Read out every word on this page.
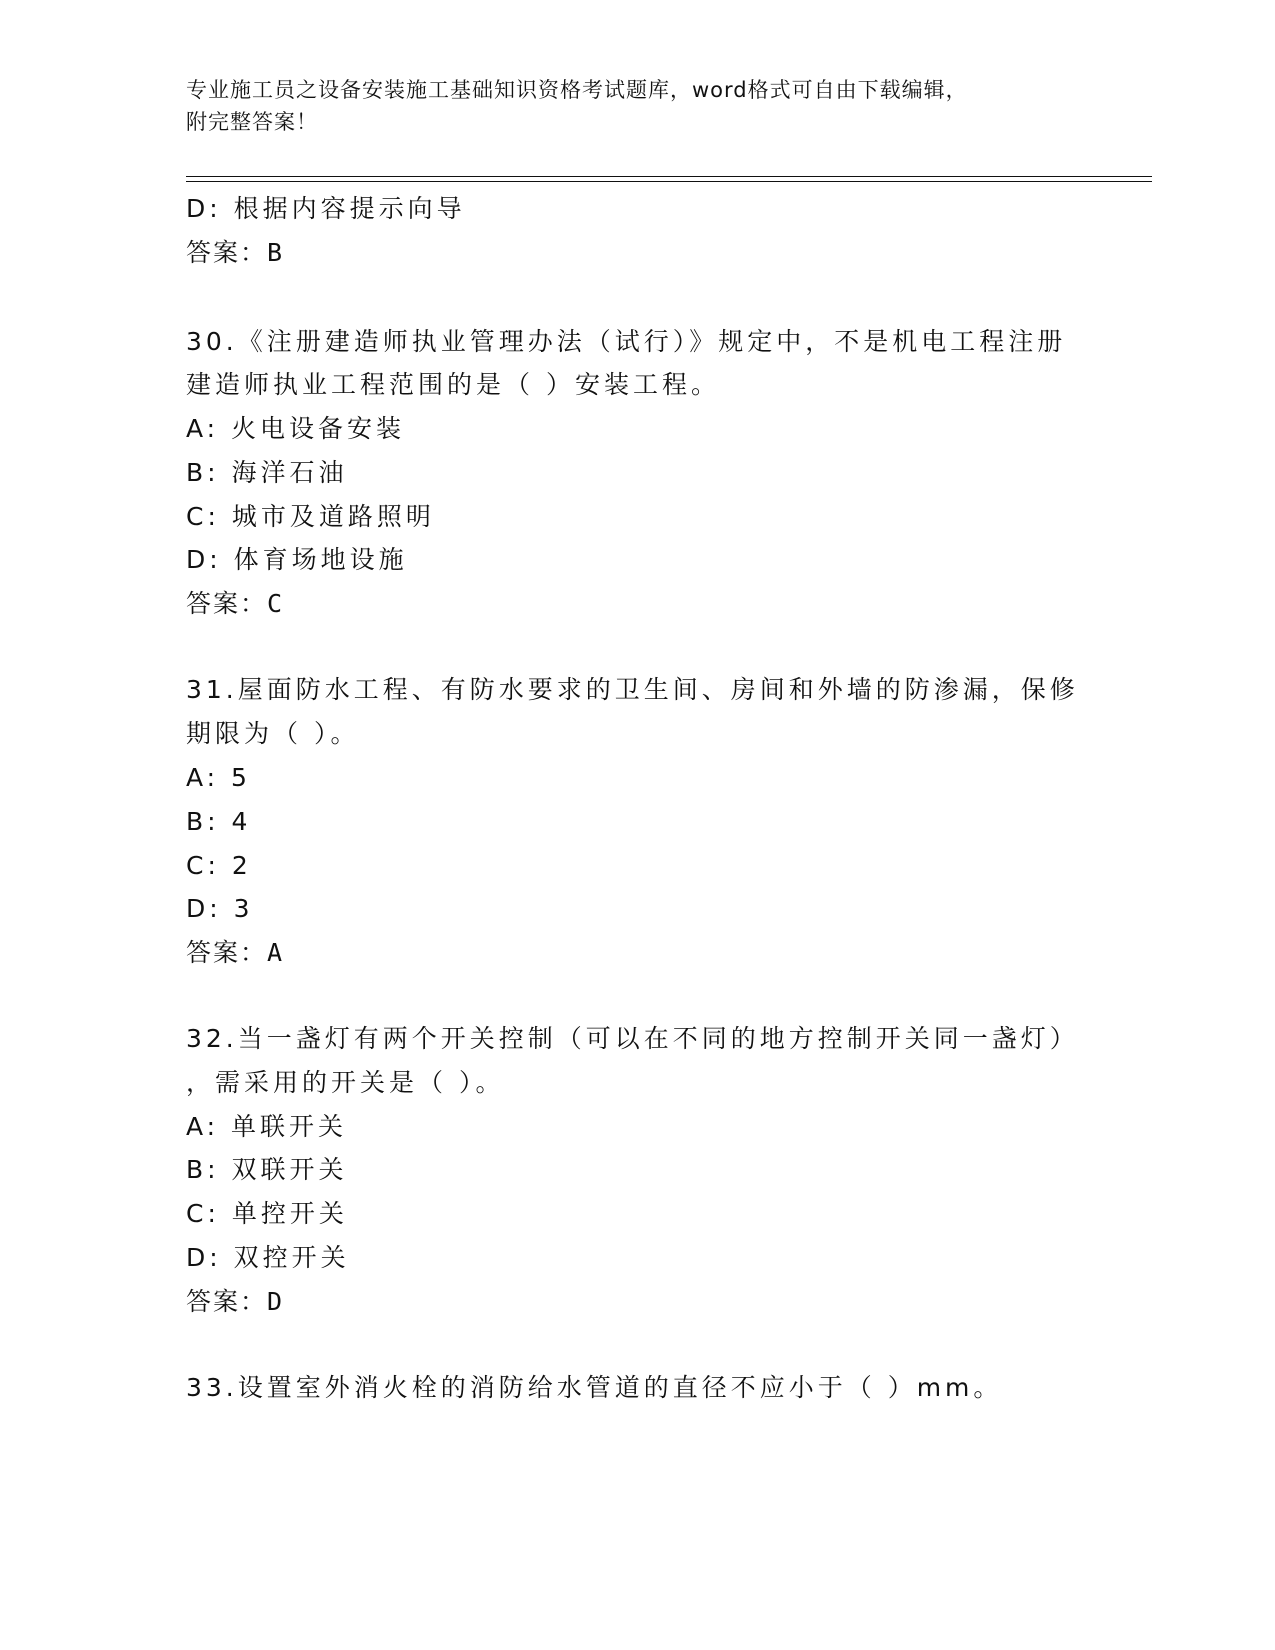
专业施工员之设备安装施工基础知识资格考试题库，word格式可自由下载编辑，
附完整答案！
D: 根据内容提示向导
答案：B
30.《注册建造师执业管理办法（试行）》规定中，不是机电工程注册
建造师执业工程范围的是（ ）安装工程。
A: 火电设备安装
B: 海洋石油
C: 城市及道路照明
D: 体育场地设施
答案：C
31.屋面防水工程、有防水要求的卫生间、房间和外墙的防渗漏，保修
期限为（ ）。
A: 5
B: 4
C: 2
D: 3
答案：A
32.当一盏灯有两个开关控制（可以在不同的地方控制开关同一盏灯）
，需采用的开关是（ ）。
A: 单联开关
B: 双联开关
C: 单控开关
D: 双控开关
答案：D
33.设置室外消火栓的消防给水管道的直径不应小于（ ）mm。
